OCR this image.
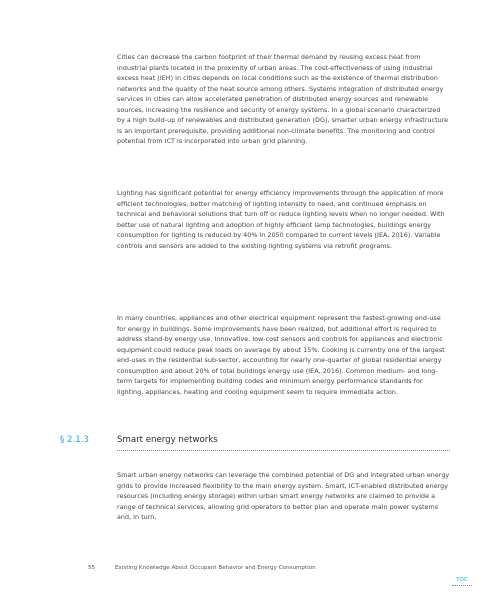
Cities can decrease the carbon footprint of their thermal demand by reusing excess heat from industrial plants located in the proximity of urban areas. The cost-effectiveness of using industrial excess heat (IEH) in cities depends on local conditions such as the existence of thermal distribution networks and the quality of the heat source among others. Systems integration of distributed energy services in cities can allow accelerated penetration of distributed energy sources and renewable sources, increasing the resilience and security of energy systems. In a global scenario characterized by a high build-up of renewables and distributed generation (DG), smarter urban energy infrastructure is an important prerequisite, providing additional non-climate benefits. The monitoring and control potential from ICT is incorporated into urban grid planning.

Lighting has significant potential for energy efficiency improvements through the application of more efficient technologies, better matching of lighting intensity to need, and continued emphasis on technical and behavioral solutions that turn off or reduce lighting levels when no longer needed. With better use of natural lighting and adoption of highly efficient lamp technologies, buildings energy consumption for lighting is reduced by 40% in 2050 compared to current levels (IEA, 2016). Variable controls and sensors are added to the existing lighting systems via retrofit programs.

In many countries, appliances and other electrical equipment represent the fastest-growing end-use for energy in buildings. Some improvements have been realized, but additional effort is required to address stand-by energy use. Innovative, low-cost sensors and controls for appliances and electronic equipment could reduce peak loads on average by about 15%. Cooking is currently one of the largest end-uses in the residential sub-sector, accounting for nearly one-quarter of global residential energy consumption and about 20% of total buildings energy use (IEA, 2016). Common medium- and long-term targets for implementing building codes and minimum energy performance standards for lighting, appliances, heating and cooling equipment seem to require immediate action.

§ 2.1.3	Smart energy networks

Smart urban energy networks can leverage the combined potential of DG and integrated urban energy grids to provide increased flexibility to the main energy system. Smart, ICT-enabled distributed energy resources (including energy storage) within urban smart energy networks are claimed to provide a range of technical services, allowing grid operators to better plan and operate main power systems and, in turn,

55	Existing Knowledge About Occupant Behavior and Energy Consumption
TOC
